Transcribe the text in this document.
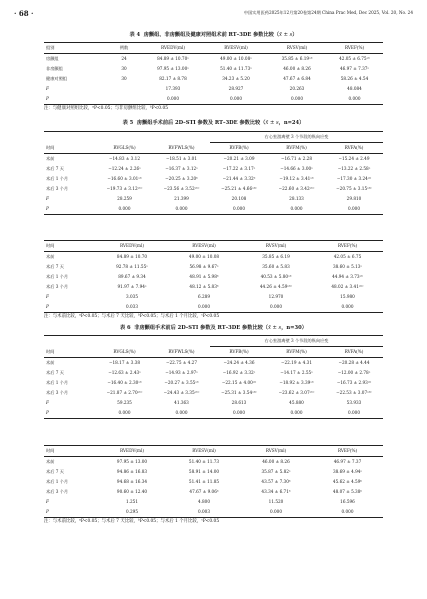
· 68 ·	中国实用医药2025年12月第20卷第24期 China Prac Med, Dec 2025, Vol. 20, No. 24
表 4 房颤组、非房颤组及健康对照组术前 RT–3DE 参数比较（x̄ ± s）
组别	例数	RVEDV(ml)	RVESV(ml)	RVSV(ml)	RVEF(%)
房颤组	24	84.89 ± 10.70ᵃ	49.00 ± 10.08ᵃ	35.85 ± 6.19ᵃᵇ	42.05 ± 6.75ᵃᵇ
非房颤组	30	97.95 ± 13.00ᵃ	51.40 ± 11.73ᵃ	46.00 ± 8.26	46.97 ± 7.37ᵃ
健康对照组	30	82.17 ± 8.78	34.23 ± 5.20	47.67 ± 6.84	58.26 ± 4.54
F		17.393	28.927	20.263	48.084
P		0.000	0.000	0.000	0.000
注：与健康对照组比较，ᵃP<0.05；与非房颤组比较，ᵇP<0.05
表 5 房颤组手术前后 2D–STI 参数及 RT–3DE 参数比较（x̄ ± s，n=24）
			右心室游离壁 3 个节段的纵向应变		
时间	RVGLS(%)	RVFWLS(%)	RVFB(%)	RVFM(%)	RVFA(%)
术前	−14.83 ± 3.12	−18.51 ± 3.01	−20.21 ± 3.09	−16.71 ± 2.28	−15.24 ± 2.49
术后 7 天	−12.24 ± 2.26ᵃ	−16.37 ± 3.12ᵃ	−17.22 ± 3.17ᵃ	−14.66 ± 3.00ᵃ	−13.22 ± 2.58ᵃ
术后 1 个月	−16.60 ± 3.01ᵃᵇ	−20.25 ± 3.20ᵇ	−21.44 ± 3.32ᵇ	−19.12 ± 3.41ᵃᵇ	−17.30 ± 3.24ᵃᵇ
术后 3 个月	−19.73 ± 3.12ᵃᵇᶜ	−23.56 ± 3.52ᵃᵇᶜ	−25.21 ± 4.66ᵃᵇᶜ	−22.60 ± 3.42ᵃᵇᶜ	−20.75 ± 3.15ᵃᵇᶜ
F	28.259	21.399	20.108	28.133	29.810
P	0.000	0.000	0.000	0.000	0.000
时间	RVEDV(ml)	RVESV(ml)	RVSV(ml)	RVEF(%)
术前	84.89 ± 10.70	49.00 ± 10.08	35.85 ± 6.19	42.05 ± 6.75
术后 7 天	92.78 ± 11.55ᵃ	56.98 ± 9.67ᵃ	35.60 ± 5.83	38.60 ± 5.13ᵃ
术后 1 个月	89.67 ± 9.34	48.91 ± 5.98ᵇ	40.53 ± 5.80ᵃᵇ	44.94 ± 3.73ᵃᵇ
术后 3 个月	91.97 ± 7.94ᵃ	48.12 ± 5.83ᵇ	44.26 ± 4.59ᵃᵇᶜ	48.02 ± 3.41ᵃᵇᶜ
F	3.035	6.289	12.970	15.980
P	0.033	0.000	0.000	0.000
注：与术前比较，ᵃP<0.05；与术后 7 天比较，ᵇP<0.05；与术后 1 个月比较，ᶜP<0.05
表 6 非房颤组手术前后 2D–STI 参数及 RT–3DE 参数比较（x̄ ± s，n=30）
			右心室游离壁 3 个节段的纵向应变		
时间	RVGLS(%)	RVFWLS(%)	RVFB(%)	RVFM(%)	RVFA(%)
术前	−18.17 ± 3.38	−22.75 ± 4.27	−24.24 ± 4.36	−22.19 ± 4.31	−20.28 ± 4.44
术后 7 天	−12.63 ± 2.43ᵃ	−14.93 ± 2.97ᵃ	−16.92 ± 3.32ᵃ	−14.17 ± 2.55ᵃ	−12.00 ± 2.78ᵃ
术后 1 个月	−16.40 ± 2.30ᵃᵇ	−20.27 ± 3.55ᵃᵇ	−22.15 ± 4.00ᵃᵇ	−18.92 ± 3.39ᵃᵇ	−16.73 ± 2.93ᵃᵇ
术后 3 个月	−21.87 ± 2.70ᵃᵇᶜ	−24.43 ± 3.35ᵃᵇᶜ	−25.31 ± 3.54ᵃᵇᶜ	−23.62 ± 3.07ᵃᵇᶜ	−22.53 ± 3.07ᵃᵇᶜ
F	59.235	41.363	28.613	45.880	53.933
P	0.000	0.000	0.000	0.000	0.000
时间	RVEDV(ml)	RVESV(ml)	RVSV(ml)	RVEF(%)
术前	97.95 ± 13.00	51.40 ± 11.73	46.00 ± 8.26	46.97 ± 7.37
术后 7 天	94.86 ± 16.83	58.91 ± 14.00	35.87 ± 5.82ᵃ	38.69 ± 4.94ᵃ
术后 1 个月	94.68 ± 16.34	51.41 ± 11.85	43.57 ± 7.30ᵇ	45.62 ± 4.59ᵇ
术后 3 个月	90.60 ± 12.40	47.67 ± 9.06ᵇ	43.34 ± 6.71ᵇ	48.07 ± 5.38ᵇ
F	1.251	4.800	11.520	16.596
P	0.295	0.003	0.000	0.000
注：与术前比较，ᵃP<0.05；与术后 7 天比较，ᵇP<0.05；与术后 1 个月比较，ᶜP<0.05
